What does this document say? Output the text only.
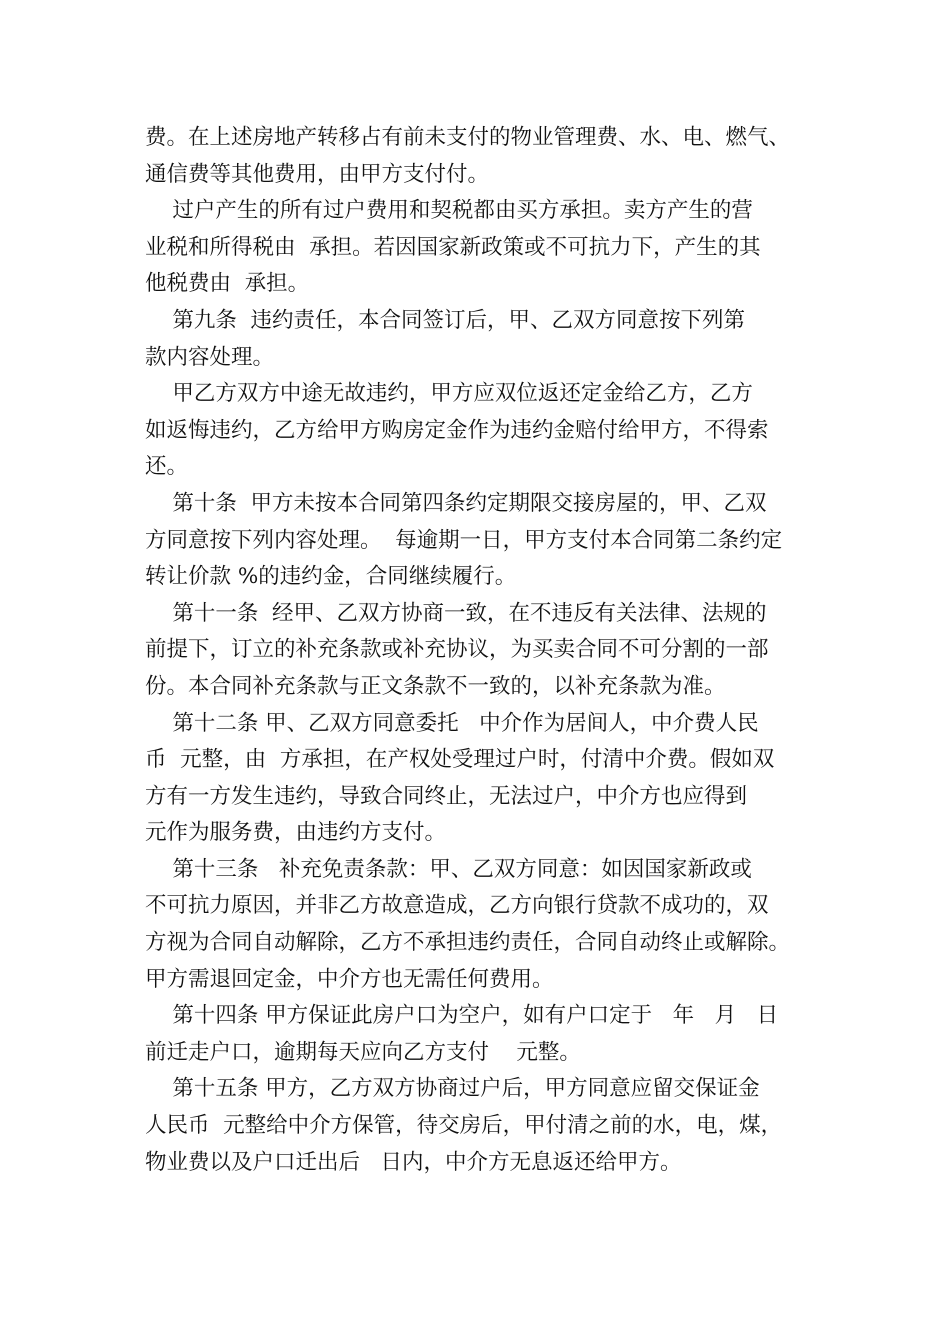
费。在上述房地产转移占有前未支付的物业管理费、水、电、燃气、
通信费等其他费用，由甲方支付付。

过户产生的所有过户费用和契税都由买方承担。卖方产生的营
业税和所得税由  承担。若因国家新政策或不可抗力下，产生的其
他税费由  承担。

第九条  违约责任，本合同签订后，甲、乙双方同意按下列第
款内容处理。

甲乙方双方中途无故违约，甲方应双位返还定金给乙方，乙方
如返悔违约，乙方给甲方购房定金作为违约金赔付给甲方，不得索
还。

第十条  甲方未按本合同第四条约定期限交接房屋的，甲、乙双
方同意按下列内容处理。  每逾期一日，甲方支付本合同第二条约定
转让价款 %的违约金，合同继续履行。

第十一条  经甲、乙双方协商一致，在不违反有关法律、法规的
前提下，订立的补充条款或补充协议，为买卖合同不可分割的一部
份。本合同补充条款与正文条款不一致的，以补充条款为准。

第十二条 甲、乙双方同意委托   中介作为居间人，中介费人民
币  元整，由  方承担，在产权处受理过户时，付清中介费。假如双
方有一方发生违约，导致合同终止，无法过户，中介方也应得到
元作为服务费，由违约方支付。

第十三条   补充免责条款：甲、乙双方同意：如因国家新政或
不可抗力原因，并非乙方故意造成，乙方向银行贷款不成功的，双
方视为合同自动解除，乙方不承担违约责任，合同自动终止或解除。
甲方需退回定金，中介方也无需任何费用。

第十四条 甲方保证此房户口为空户，如有户口定于   年   月   日
前迁走户口，逾期每天应向乙方支付    元整。

第十五条 甲方，乙方双方协商过户后，甲方同意应留交保证金
人民币  元整给中介方保管，待交房后，甲付清之前的水，电，煤，
物业费以及户口迁出后   日内，中介方无息返还给甲方。
